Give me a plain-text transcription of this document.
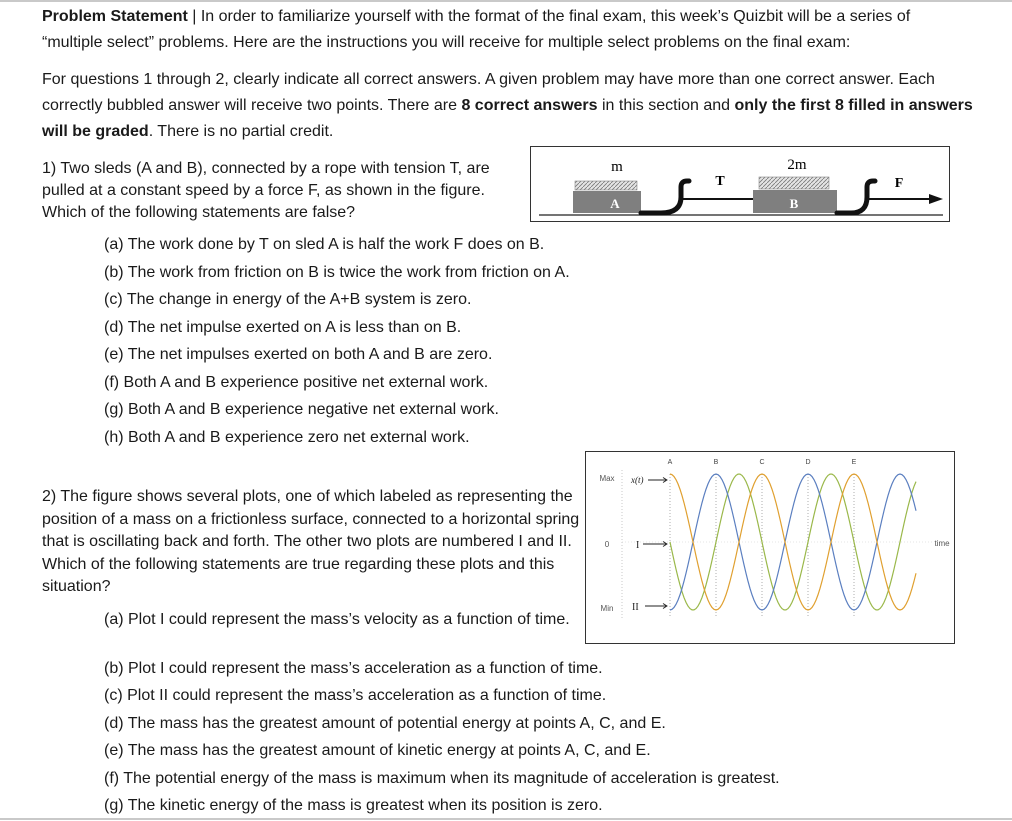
Problem Statement | In order to familiarize yourself with the format of the final exam, this week’s Quizbit will be a series of “multiple select” problems. Here are the instructions you will receive for multiple select problems on the final exam:

For questions 1 through 2, clearly indicate all correct answers. A given problem may have more than one correct answer. Each correctly bubbled answer will receive two points. There are 8 correct answers in this section and only the first 8 filled in answers will be graded. There is no partial credit.

1) Two sleds (A and B), connected by a rope with tension T, are pulled at a constant speed by a force F, as shown in the figure. Which of the following statements are false?

m
A
T
2m
B
F

(a) The work done by T on sled A is half the work F does on B.

(b) The work from friction on B is twice the work from friction on A.

(c) The change in energy of the A+B system is zero.

(d) The net impulse exerted on A is less than on B.

(e) The net impulses exerted on both A and B are zero.

(f) Both A and B experience positive net external work.

(g) Both A and B experience negative net external work.

(h) Both A and B experience zero net external work.

2) The figure shows several plots, one of which labeled as representing the position of a mass on a frictionless surface, connected to a horizontal spring that is oscillating back and forth. The other two plots are numbered I and II. Which of the following statements are true regarding these plots and this situation?

Max
0
Min
time
x(t)
I
II
A	B	C	D	E

(a) Plot I could represent the mass’s velocity as a function of time.

(b) Plot I could represent the mass’s acceleration as a function of time.

(c) Plot II could represent the mass’s acceleration as a function of time.

(d) The mass has the greatest amount of potential energy at points A, C, and E.

(e) The mass has the greatest amount of kinetic energy at points A, C, and E.

(f) The potential energy of the mass is maximum when its magnitude of acceleration is greatest.

(g) The kinetic energy of the mass is greatest when its position is zero.
